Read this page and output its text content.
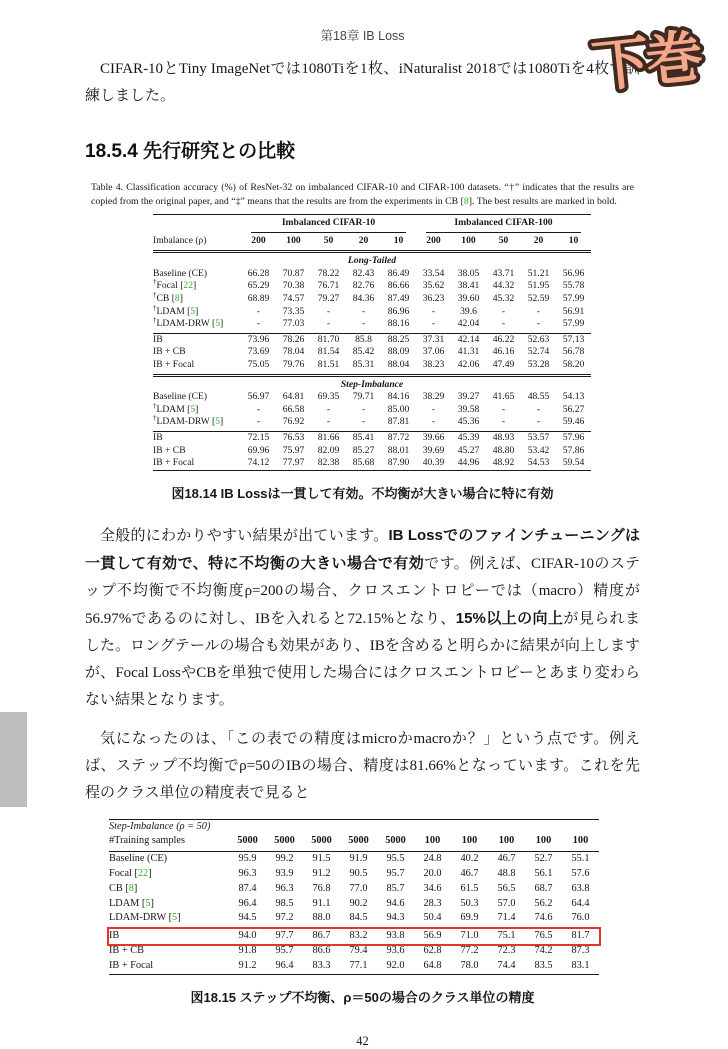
第18章 IB Loss	下巻

CIFAR-10とTiny ImageNetでは1080Tiを1枚、iNaturalist 2018では1080Tiを4枚で訓練しました。

18.5.4 先行研究との比較

Table 4. Classification accuracy (%) of ResNet-32 on imbalanced CIFAR-10 and CIFAR-100 datasets. “†” indicates that the results are copied from the original paper, and “‡” means that the results are from the experiments in CB [8]. The best results are marked in bold.

	Imbalanced CIFAR-10					Imbalanced CIFAR-100				

Imbalance (ρ)	200	100	50	20	10	200	100	50	20	10
Long-Tailed										
Baseline (CE)	66.28	70.87	78.22	82.43	86.49	33.54	38.05	43.71	51.21	56.96
†Focal [22]	65.29	70.38	76.71	82.76	86.66	35.62	38.41	44.32	51.95	55.78
†CB [8]	68.89	74.57	79.27	84.36	87.49	36.23	39.60	45.32	52.59	57.99
†LDAM [5]	-	73.35	-	-	86.96	-	39.6	-	-	56.91
†LDAM-DRW [5]	-	77.03	-	-	88.16	-	42.04	-	-	57.99
IB	73.96	78.26	81.70	85.8	88.25	37.31	42.14	46.22	52.63	57.13
IB + CB	73.69	78.04	81.54	85.42	88.09	37.06	41.31	46.16	52.74	56.78
IB + Focal	75.05	79.76	81.51	85.31	88.04	38.23	42.06	47.49	53.28	58.20
Step-Imbalance										
Baseline (CE)	56.97	64.81	69.35	79.71	84.16	38.29	39.27	41.65	48.55	54.13
†LDAM [5]	-	66.58	-	-	85.00	-	39.58	-	-	56.27
†LDAM-DRW [5]	-	76.92	-	-	87.81	-	45.36	-	-	59.46
IB	72.15	76.53	81.66	85.41	87.72	39.66	45.39	48.93	53.57	57.96
IB + CB	69.96	75.97	82.09	85.27	88.01	39.69	45.27	48.80	53.42	57.86
IB + Focal	74.12	77.97	82.38	85.68	87.90	40.39	44.96	48.92	54.53	59.54
図18.14 IB Lossは一貫して有効。不均衡が大きい場合に特に有効

全般的にわかりやすい結果が出ています。IB Lossでのファインチューニングは一貫して有効で、特に不均衡の大きい場合で有効です。例えば、CIFAR-10のステップ不均衡で不均衡度ρ=200の場合、クロスエントロピーでは（macro）精度が56.97%であるのに対し、IBを入れると72.15%となり、15%以上の向上が見られました。ロングテールの場合も効果があり、IBを含めると明らかに結果が向上しますが、Focal LossやCBを単独で使用した場合にはクロスエントロピーとあまり変わらない結果となります。

気になったのは、「この表での精度はmicroかmacroか？」という点です。例えば、ステップ不均衡でρ=50のIBの場合、精度は81.66%となっています。これを先程のクラス単位の精度表で見ると

Step-Imbalance (ρ = 50)										
#Training samples	5000	5000	5000	5000	5000	100	100	100	100	100
Baseline (CE)	95.9	99.2	91.5	91.9	95.5	24.8	40.2	46.7	52.7	55.1
Focal [22]	96.3	93.9	91.2	90.5	95.7	20.0	46.7	48.8	56.1	57.6
CB [8]	87.4	96.3	76.8	77.0	85.7	34.6	61.5	56.5	68.7	63.8
LDAM [5]	96.4	98.5	91.1	90.2	94.6	28.3	50.3	57.0	56.2	64.4
LDAM-DRW [5]	94.5	97.2	88.0	84.5	94.3	50.4	69.9	71.4	74.6	76.0
IB	94.0	97.7	86.7	83.2	93.8	56.9	71.0	75.1	76.5	81.7
IB + CB	91.8	95.7	86.6	79.4	93.6	62.8	77.2	72.3	74.2	87.3
IB + Focal	91.2	96.4	83.3	77.1	92.0	64.8	78.0	74.4	83.5	83.1
図18.15 ステップ不均衡、ρ＝50の場合のクラス単位の精度
42
